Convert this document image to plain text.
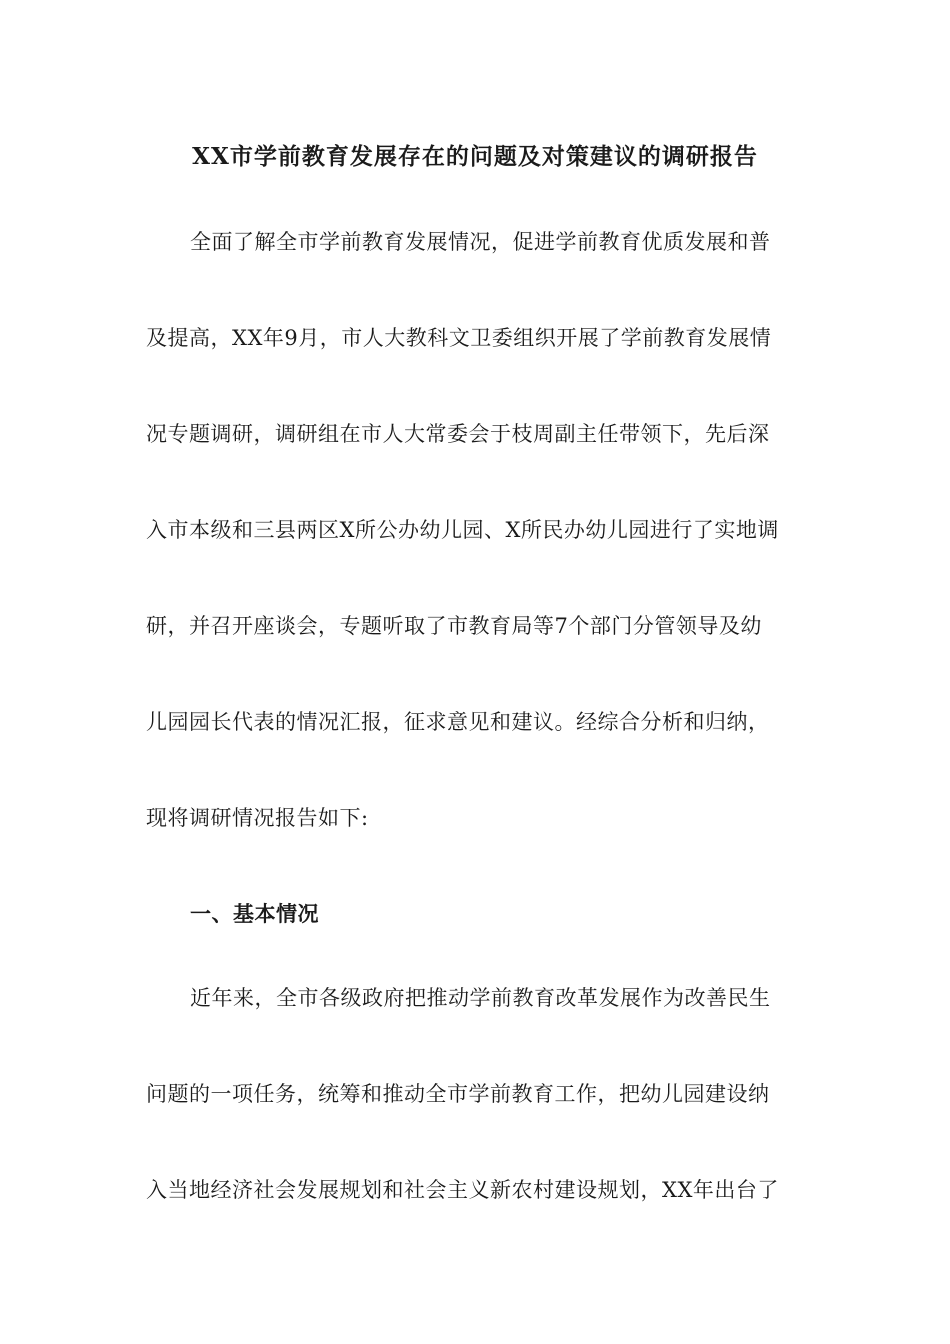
XX市学前教育发展存在的问题及对策建议的调研报告
全面了解全市学前教育发展情况，促进学前教育优质发展和普
及提高，XX年9月，市人大教科文卫委组织开展了学前教育发展情
况专题调研，调研组在市人大常委会于枝周副主任带领下，先后深
入市本级和三县两区X所公办幼儿园、X所民办幼儿园进行了实地调
研，并召开座谈会，专题听取了市教育局等7个部门分管领导及幼
儿园园长代表的情况汇报，征求意见和建议。经综合分析和归纳，
现将调研情况报告如下:
一、基本情况
近年来，全市各级政府把推动学前教育改革发展作为改善民生
问题的一项任务，统筹和推动全市学前教育工作，把幼儿园建设纳
入当地经济社会发展规划和社会主义新农村建设规划，XX年出台了
